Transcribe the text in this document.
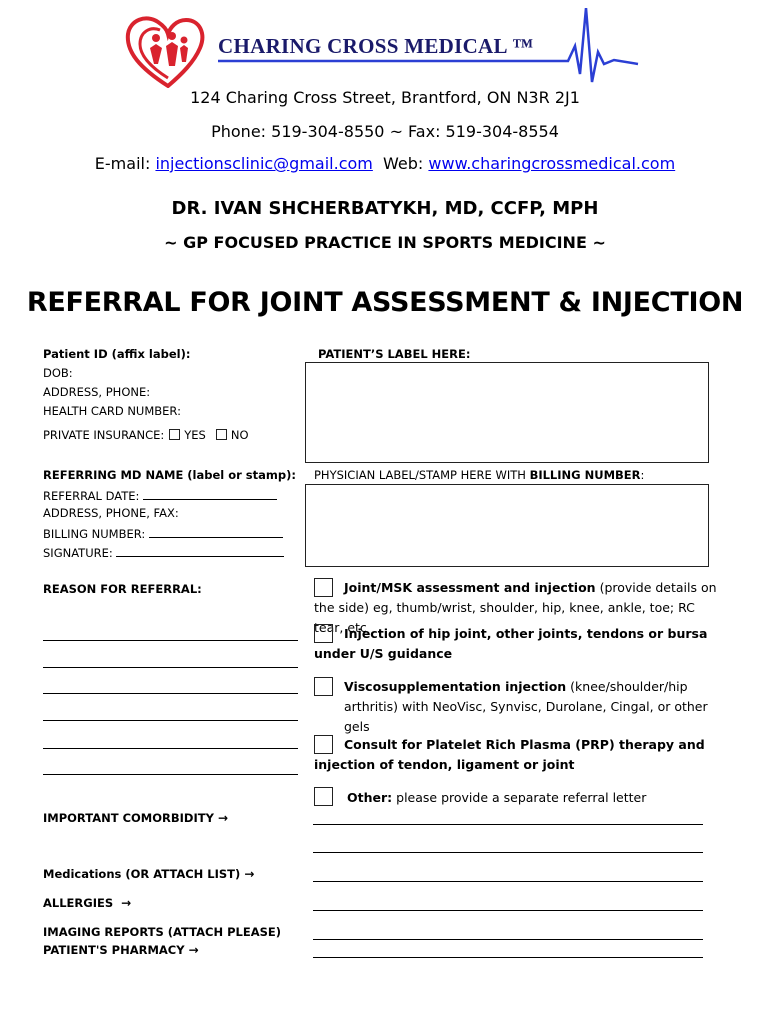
CHARING CROSS MEDICAL ™
124 Charing Cross Street, Brantford, ON N3R 2J1
Phone: 519-304-8550 ~ Fax: 519-304-8554
E-mail: injectionsclinic@gmail.com Web: www.charingcrossmedical.com
DR. IVAN SHCHERBATYKH, MD, CCFP, MPH
~ GP FOCUSED PRACTICE IN SPORTS MEDICINE ~
REFERRAL FOR JOINT ASSESSMENT & INJECTION
Patient ID (affix label):
DOB:
ADDRESS, PHONE:
HEALTH CARD NUMBER:
PRIVATE INSURANCE: YES NO
PATIENT’S LABEL HERE:
REFERRING MD NAME (label or stamp):
REFERRAL DATE:
ADDRESS, PHONE, FAX:
BILLING NUMBER:
SIGNATURE:
PHYSICIAN LABEL/STAMP HERE WITH BILLING NUMBER:
REASON FOR REFERRAL:	Joint/MSK assessment and injection (provide details on the side) eg, thumb/wrist, shoulder, hip, knee, ankle, toe; RC tear, etc
Injection of hip joint, other joints, tendons or bursa under U/S guidance
Viscosupplementation injection (knee/shoulder/hip arthritis) with NeoVisc, Synvisc, Durolane, Cingal, or other gels
Consult for Platelet Rich Plasma (PRP) therapy and injection of tendon, ligament or joint
Other: please provide a separate referral letter
IMPORTANT COMORBIDITY →
Medications (OR ATTACH LIST) →
ALLERGIES →
IMAGING REPORTS (ATTACH PLEASE)
PATIENT'S PHARMACY →
